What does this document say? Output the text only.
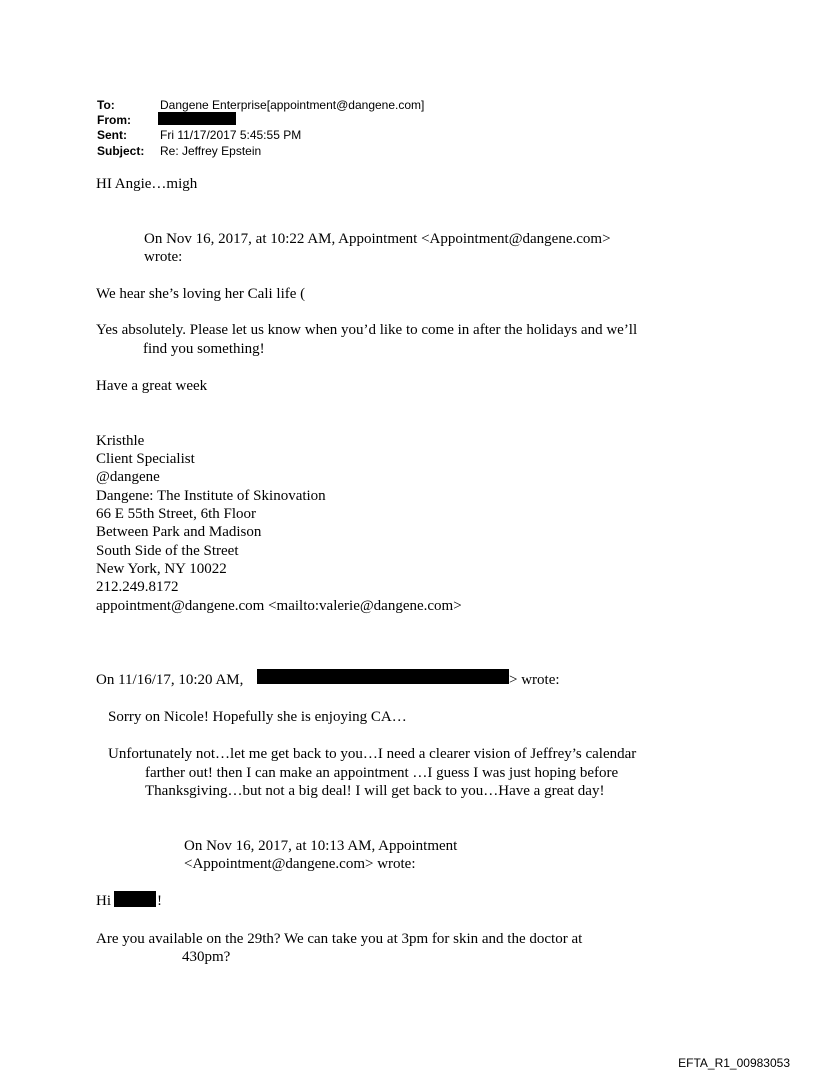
To:	Dangene Enterprise[appointment@dangene.com]
From:
Sent:	Fri 11/17/2017 5:45:55 PM
Subject: Re: Jeffrey Epstein
HI Angie…migh
On Nov 16, 2017, at 10:22 AM, Appointment <Appointment@dangene.com>
wrote:
We hear she’s loving her Cali life (
Yes absolutely. Please let us know when you’d like to come in after the holidays and we’ll
find you something!
Have a great week
Kristhle
Client Specialist
@dangene
Dangene: The Institute of Skinovation
66 E 55th Street, 6th Floor
Between Park and Madison
South Side of the Street
New York, NY 10022
212.249.8172
appointment@dangene.com <mailto:valerie@dangene.com>
On 11/16/17, 10:20 AM,	> wrote:
Sorry on Nicole! Hopefully she is enjoying CA…
Unfortunately not…let me get back to you…I need a clearer vision of Jeffrey’s calendar
farther out! then I can make an appointment …I guess I was just hoping before
Thanksgiving…but not a big deal! I will get back to you…Have a great day!
On Nov 16, 2017, at 10:13 AM, Appointment
<Appointment@dangene.com> wrote:
Hi	!
Are you available on the 29th? We can take you at 3pm for skin and the doctor at
430pm?
EFTA_R1_00983053
